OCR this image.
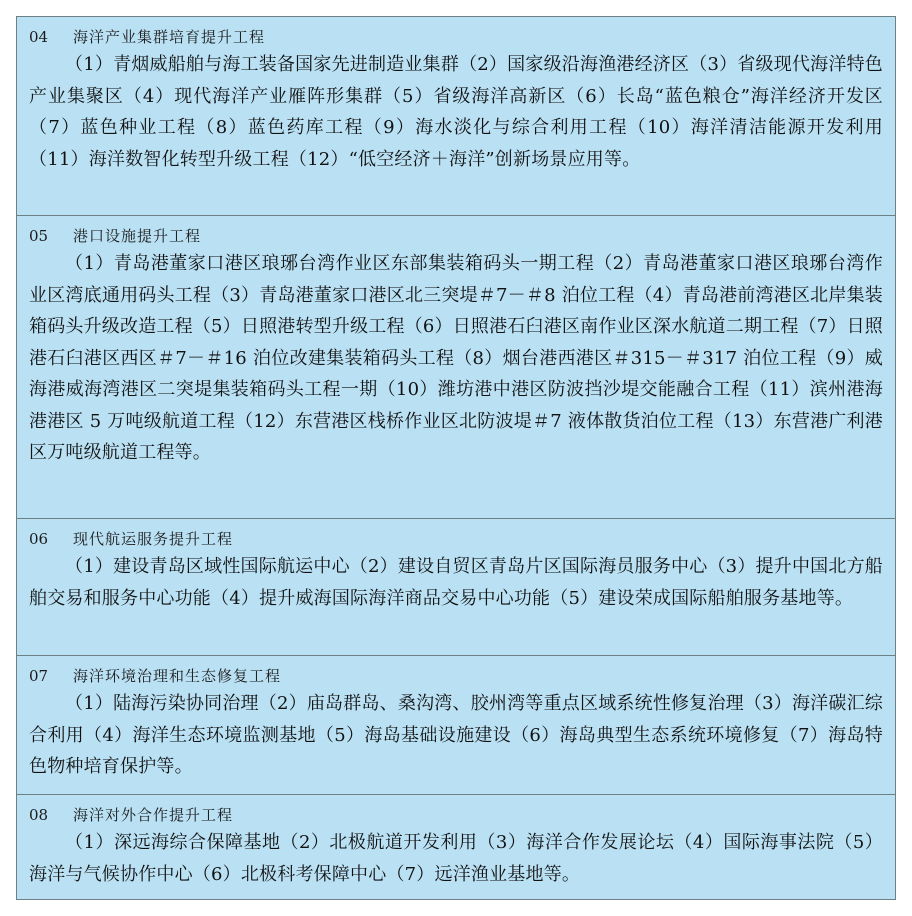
04 海洋产业集群培育提升工程

（1）青烟威船舶与海工装备国家先进制造业集群（2）国家级沿海渔港经济区（3）省级现代海洋特色产业集聚区（4）现代海洋产业雁阵形集群（5）省级海洋高新区（6）长岛“蓝色粮仓”海洋经济开发区（7）蓝色种业工程（8）蓝色药库工程（9）海水淡化与综合利用工程（10）海洋清洁能源开发利用（11）海洋数智化转型升级工程（12）“低空经济＋海洋”创新场景应用等。

05 港口设施提升工程

（1）青岛港董家口港区琅琊台湾作业区东部集装箱码头一期工程（2）青岛港董家口港区琅琊台湾作业区湾底通用码头工程（3）青岛港董家口港区北三突堤＃7－＃8 泊位工程（4）青岛港前湾港区北岸集装箱码头升级改造工程（5）日照港转型升级工程（6）日照港石臼港区南作业区深水航道二期工程（7）日照港石臼港区西区＃7－＃16 泊位改建集装箱码头工程（8）烟台港西港区＃315－＃317 泊位工程（9）威海港威海湾港区二突堤集装箱码头工程一期（10）潍坊港中港区防波挡沙堤交能融合工程（11）滨州港海港港区 5 万吨级航道工程（12）东营港区栈桥作业区北防波堤＃7 液体散货泊位工程（13）东营港广利港区万吨级航道工程等。

06 现代航运服务提升工程

（1）建设青岛区域性国际航运中心（2）建设自贸区青岛片区国际海员服务中心（3）提升中国北方船舶交易和服务中心功能（4）提升威海国际海洋商品交易中心功能（5）建设荣成国际船舶服务基地等。

07 海洋环境治理和生态修复工程

（1）陆海污染协同治理（2）庙岛群岛、桑沟湾、胶州湾等重点区域系统性修复治理（3）海洋碳汇综合利用（4）海洋生态环境监测基地（5）海岛基础设施建设（6）海岛典型生态系统环境修复（7）海岛特色物种培育保护等。

08 海洋对外合作提升工程

（1）深远海综合保障基地（2）北极航道开发利用（3）海洋合作发展论坛（4）国际海事法院（5）海洋与气候协作中心（6）北极科考保障中心（7）远洋渔业基地等。
